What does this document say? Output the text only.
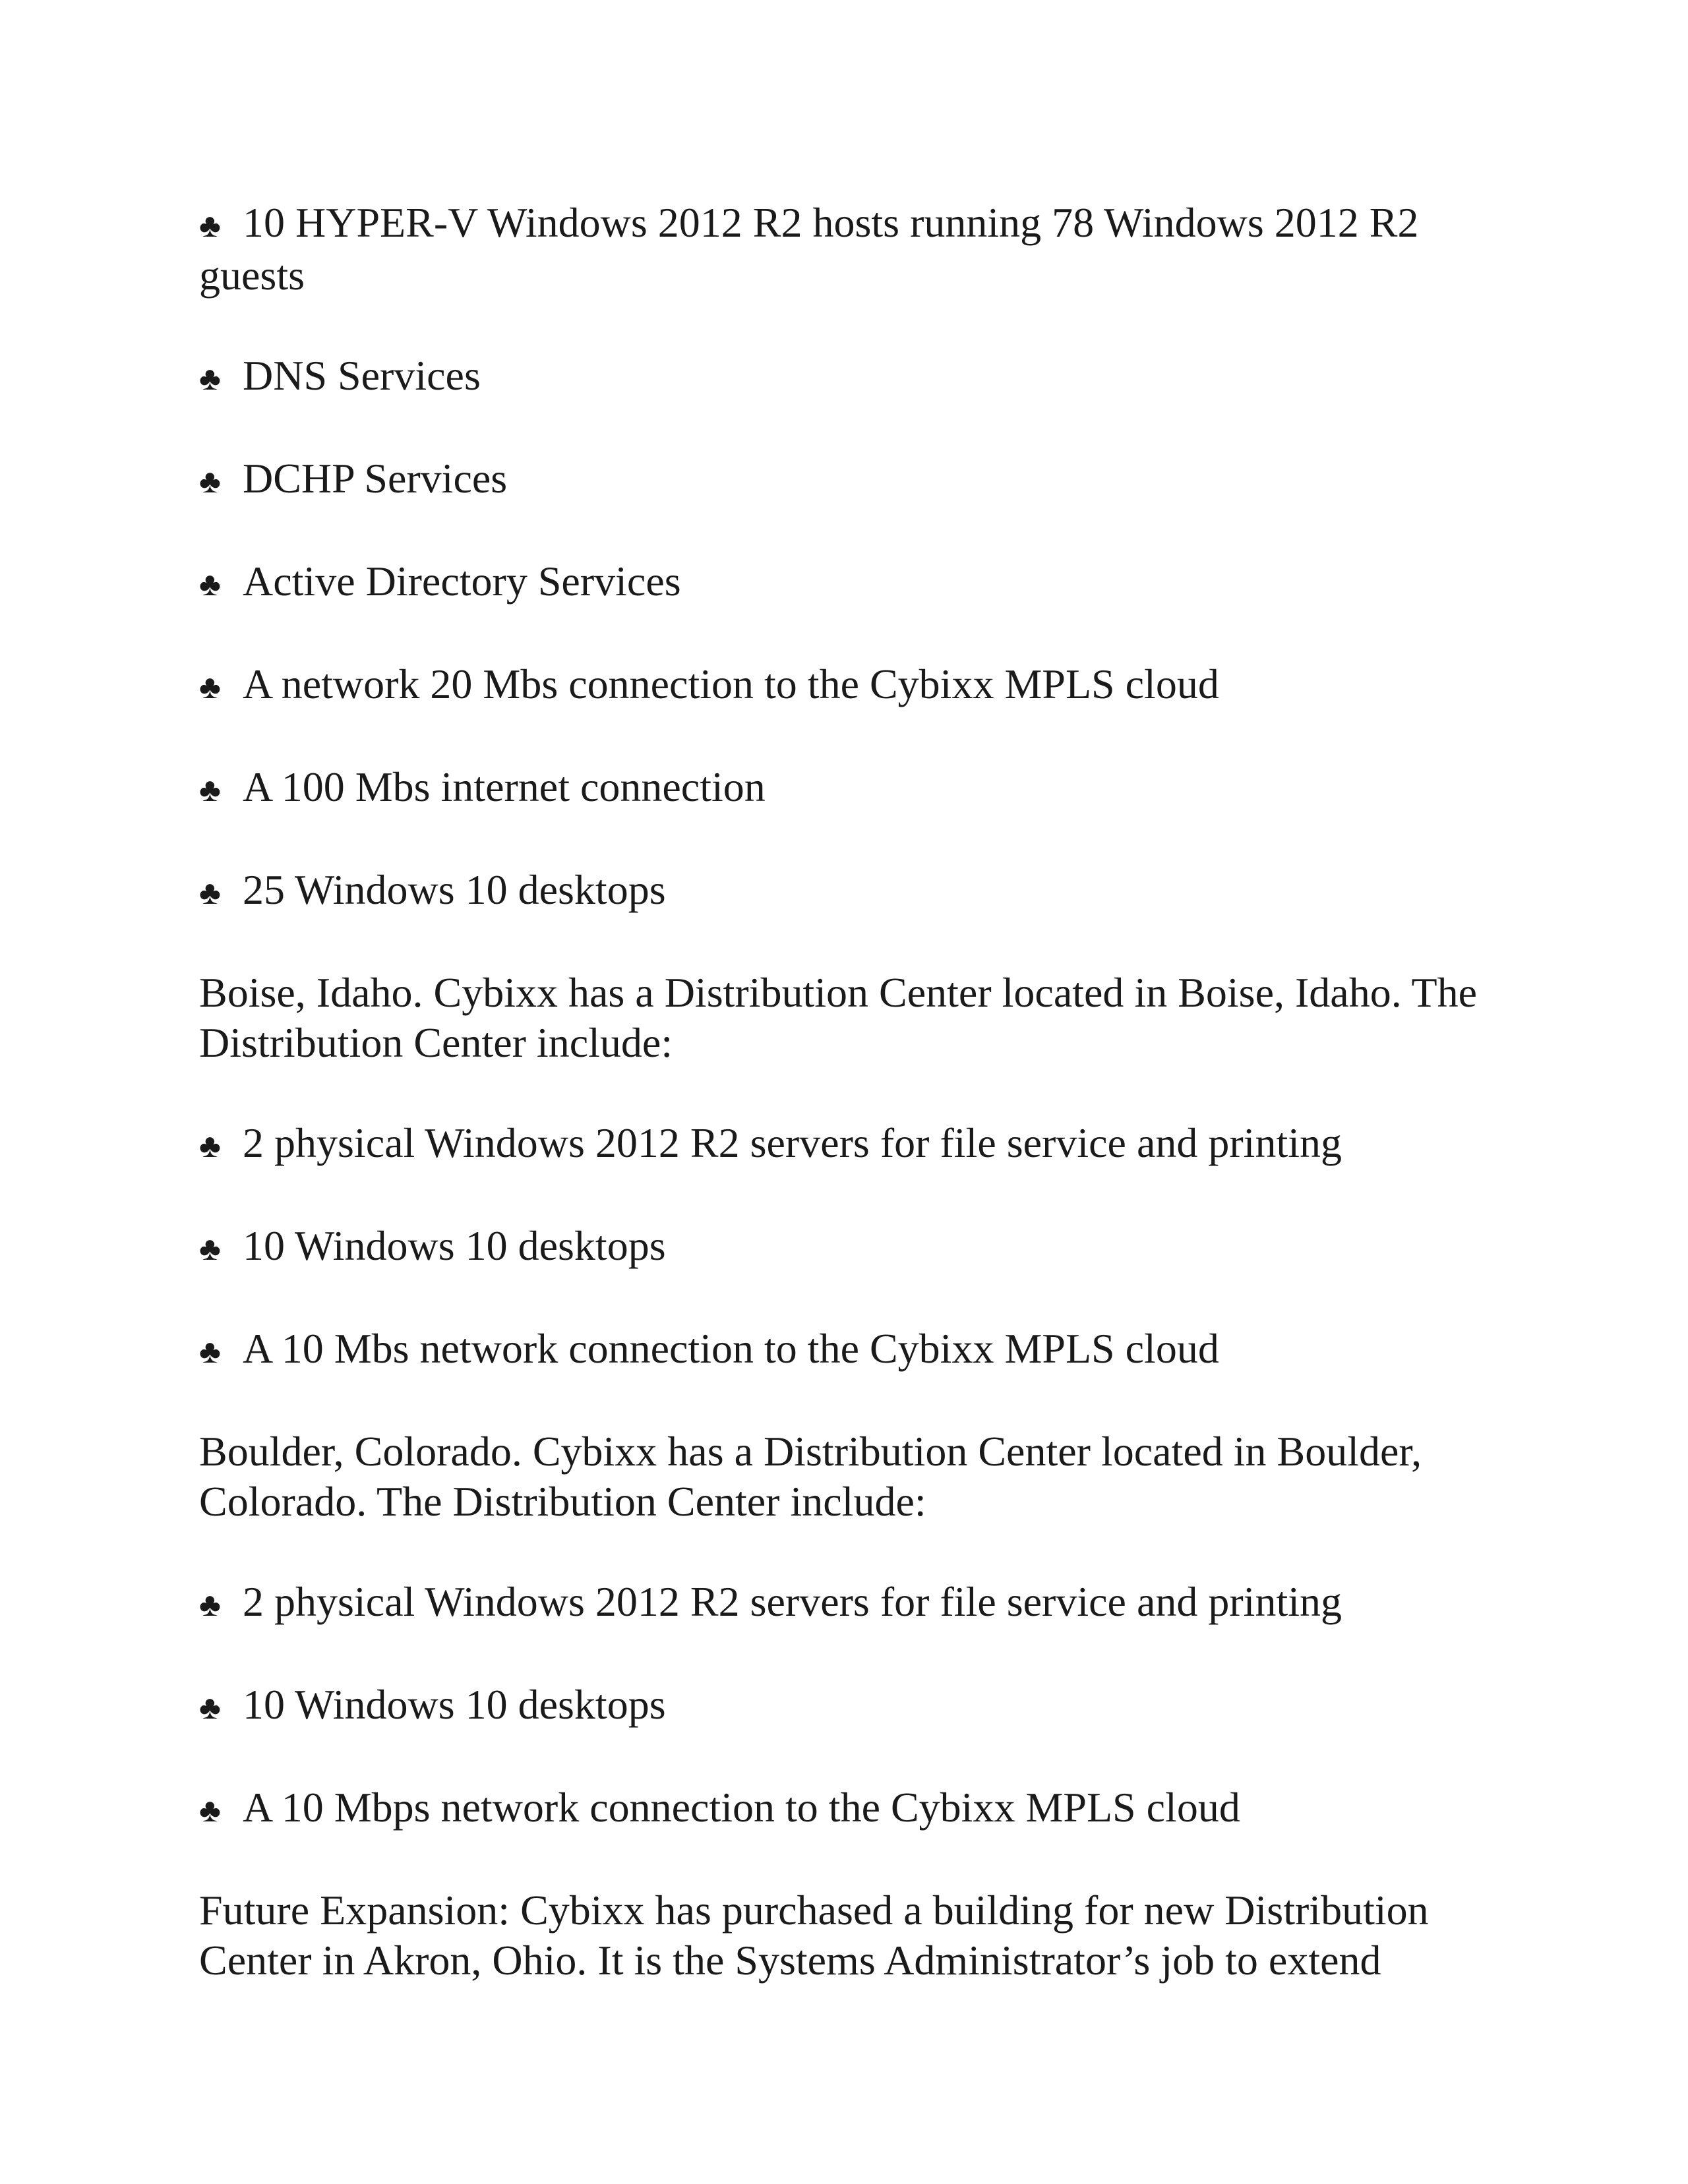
♣ 10 HYPER-V Windows 2012 R2 hosts running 78 Windows 2012 R2 guests
♣ DNS Services
♣ DCHP Services
♣ Active Directory Services
♣ A network 20 Mbs connection to the Cybixx MPLS cloud
♣ A 100 Mbs internet connection
♣ 25 Windows 10 desktops

Boise, Idaho. Cybixx has a Distribution Center located in Boise, Idaho. The Distribution Center include:

♣ 2 physical Windows 2012 R2 servers for file service and printing
♣ 10 Windows 10 desktops
♣ A 10 Mbs network connection to the Cybixx MPLS cloud

Boulder, Colorado. Cybixx has a Distribution Center located in Boulder, Colorado. The Distribution Center include:

♣ 2 physical Windows 2012 R2 servers for file service and printing
♣ 10 Windows 10 desktops
♣ A 10 Mbps network connection to the Cybixx MPLS cloud

Future Expansion: Cybixx has purchased a building for new Distribution Center in Akron, Ohio. It is the Systems Administrator’s job to extend
